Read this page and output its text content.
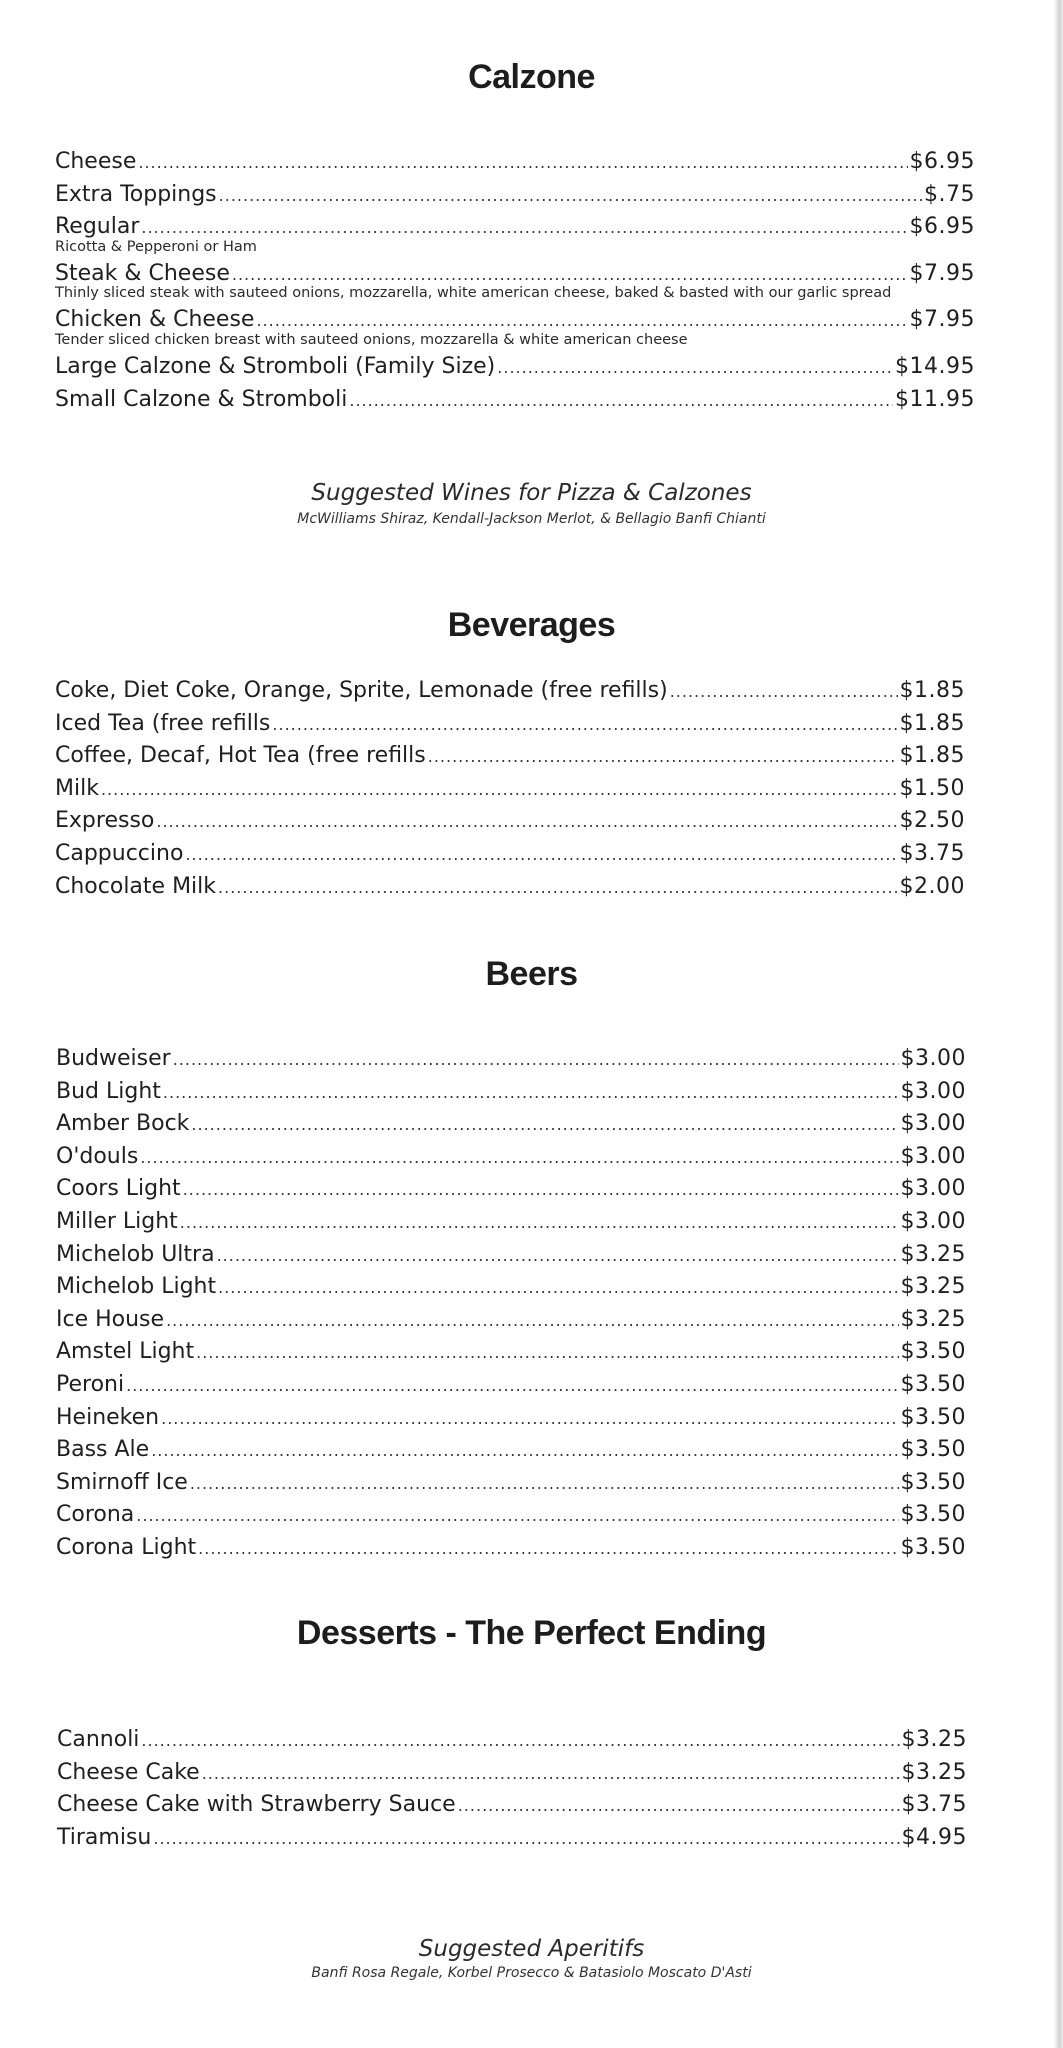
Calzone
Cheese .....	$6.95
Extra Toppings .....	$.75
Regular .....	$6.95
Ricotta & Pepperoni or Ham
Steak & Cheese .....	$7.95
Thinly sliced steak with sauteed onions, mozzarella, white american cheese, baked & basted with our garlic spread
Chicken & Cheese .....	$7.95
Tender sliced chicken breast with sauteed onions, mozzarella & white american cheese
Large Calzone & Stromboli (Family Size) .....	$14.95
Small Calzone & Stromboli .....	$11.95

Suggested Wines for Pizza & Calzones

McWilliams Shiraz, Kendall-Jackson Merlot, & Bellagio Banfi Chianti

Beverages
Coke, Diet Coke, Orange, Sprite, Lemonade (free refills) .....	$1.85
Iced Tea (free refills .....	$1.85
Coffee, Decaf, Hot Tea (free refills .....	$1.85
Milk .....	$1.50
Expresso .....	$2.50
Cappuccino .....	$3.75
Chocolate Milk .....	$2.00
Beers
Budweiser .....	$3.00
Bud Light .....	$3.00
Amber Bock .....	$3.00
O'douls .....	$3.00
Coors Light .....	$3.00
Miller Light .....	$3.00
Michelob Ultra .....	$3.25
Michelob Light .....	$3.25
Ice House .....	$3.25
Amstel Light .....	$3.50
Peroni .....	$3.50
Heineken .....	$3.50
Bass Ale .....	$3.50
Smirnoff Ice .....	$3.50
Corona .....	$3.50
Corona Light .....	$3.50
Desserts - The Perfect Ending
Cannoli .....	$3.25
Cheese Cake .....	$3.25
Cheese Cake with Strawberry Sauce .....	$3.75
Tiramisu .....	$4.95

Suggested Aperitifs

Banfi Rosa Regale, Korbel Prosecco & Batasiolo Moscato D'Asti
